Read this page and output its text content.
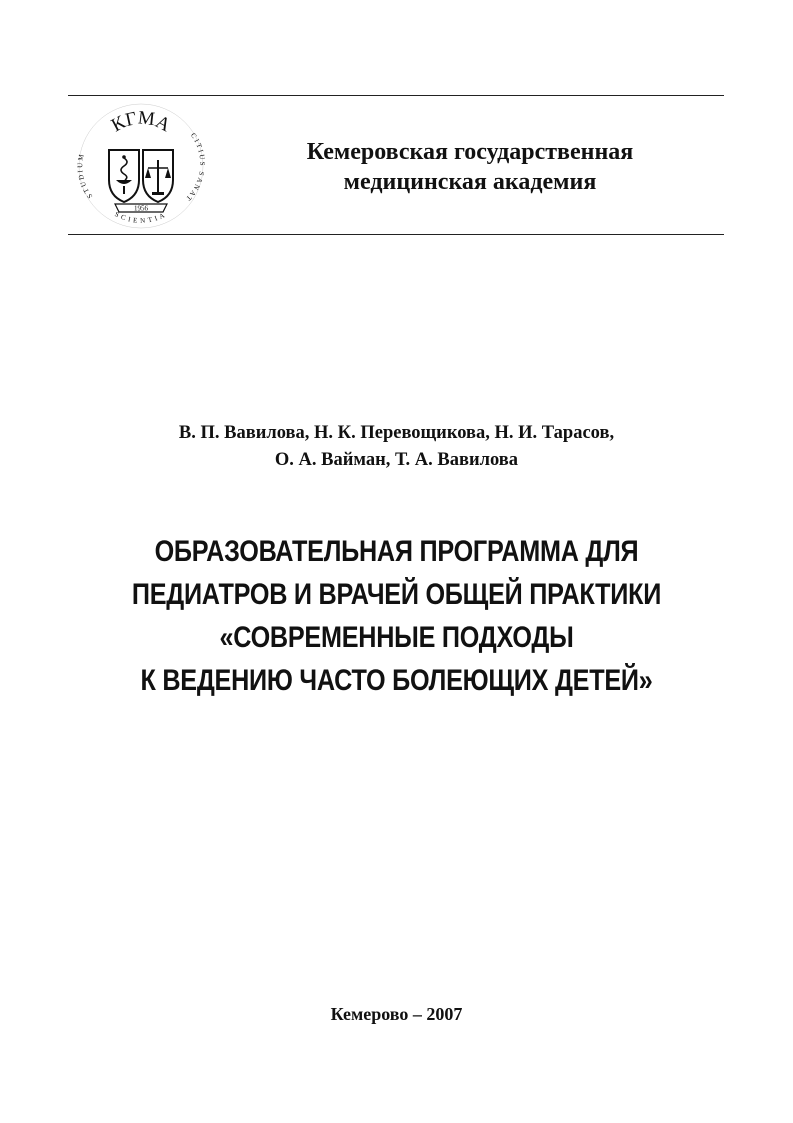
КГМА
STUDIUM
CITIUS SANAT
SCIENTIA
1956
Кемеровская государственная
медицинская академия
В. П. Вавилова, Н. К. Перевощикова, Н. И. Тарасов,
О. А. Вайман, Т. А. Вавилова
ОБРАЗОВАТЕЛЬНАЯ ПРОГРАММА ДЛЯ
ПЕДИАТРОВ И ВРАЧЕЙ ОБЩЕЙ ПРАКТИКИ
«СОВРЕМЕННЫЕ ПОДХОДЫ
К ВЕДЕНИЮ ЧАСТО БОЛЕЮЩИХ ДЕТЕЙ»
Кемерово – 2007
